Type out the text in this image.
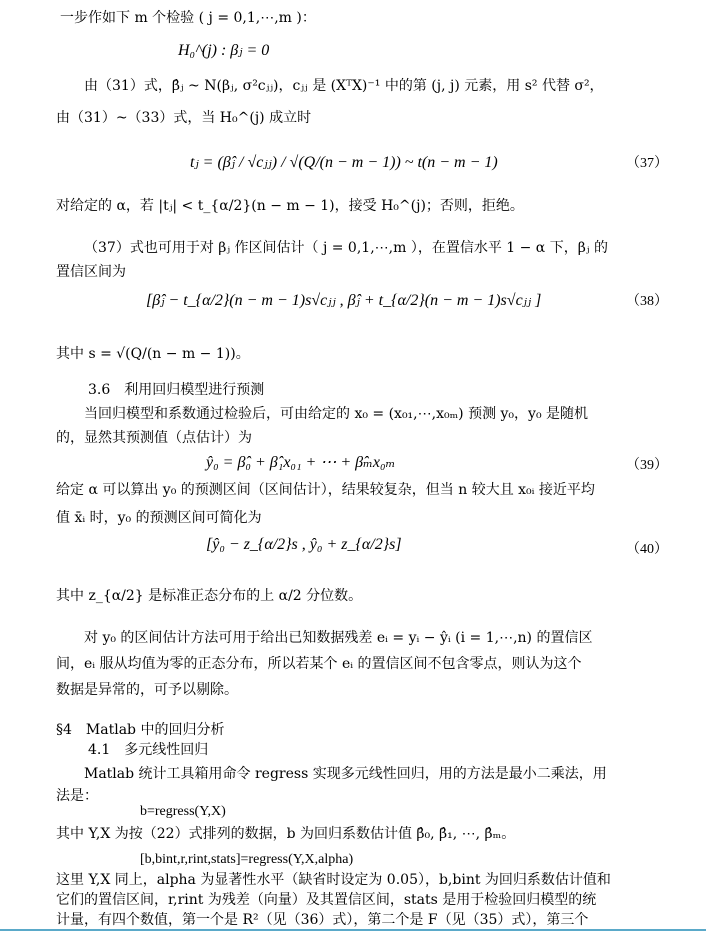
一步作如下 m 个检验 ( j = 0,1,⋯,m )：
H₀^(j) : βⱼ = 0
由（31）式，β̂ⱼ ~ N(βⱼ, σ²cⱼⱼ)，cⱼⱼ 是 (XᵀX)⁻¹ 中的第 (j, j) 元素，用 s² 代替 σ²，
由（31）~（33）式，当 H₀^(j) 成立时
tⱼ = (β̂ⱼ / √cⱼⱼ) / √(Q/(n − m − 1)) ~ t(n − m − 1)	（37）
对给定的 α，若 |tⱼ| < t_{α/2}(n − m − 1)，接受 H₀^(j)；否则，拒绝。
（37）式也可用于对 βⱼ 作区间估计（ j = 0,1,⋯,m ），在置信水平 1 − α 下，βⱼ 的
置信区间为
[β̂ⱼ − t_{α/2}(n − m − 1)s√cⱼⱼ , β̂ⱼ + t_{α/2}(n − m − 1)s√cⱼⱼ ]	（38）
其中 s = √(Q/(n − m − 1))。
3.6　利用回归模型进行预测
当回归模型和系数通过检验后，可由给定的 x₀ = (x₀₁,⋯,x₀ₘ) 预测 y₀，y₀ 是随机
的，显然其预测值（点估计）为
ŷ₀ = β̂₀ + β̂₁x₀₁ + ⋯ + β̂ₘx₀ₘ	（39）
给定 α 可以算出 y₀ 的预测区间（区间估计），结果较复杂，但当 n 较大且 x₀ᵢ 接近平均
值 x̄ᵢ 时，y₀ 的预测区间可简化为
[ŷ₀ − z_{α/2}s , ŷ₀ + z_{α/2}s]	（40）
其中 z_{α/2} 是标准正态分布的上 α/2 分位数。
对 y₀ 的区间估计方法可用于给出已知数据残差 eᵢ = yᵢ − ŷᵢ (i = 1,⋯,n) 的置信区
间，eᵢ 服从均值为零的正态分布，所以若某个 eᵢ 的置信区间不包含零点，则认为这个
数据是异常的，可予以剔除。
§4　Matlab 中的回归分析
4.1　多元线性回归
Matlab 统计工具箱用命令 regress 实现多元线性回归，用的方法是最小二乘法，用
法是：
b=regress(Y,X)
其中 Y,X 为按（22）式排列的数据，b 为回归系数估计值 β̂₀, β̂₁, ⋯, β̂ₘ。
[b,bint,r,rint,stats]=regress(Y,X,alpha)
这里 Y,X 同上，alpha 为显著性水平（缺省时设定为 0.05），b,bint 为回归系数估计值和
它们的置信区间，r,rint 为残差（向量）及其置信区间，stats 是用于检验回归模型的统
计量，有四个数值，第一个是 R²（见（36）式），第二个是 F（见（35）式），第三个
